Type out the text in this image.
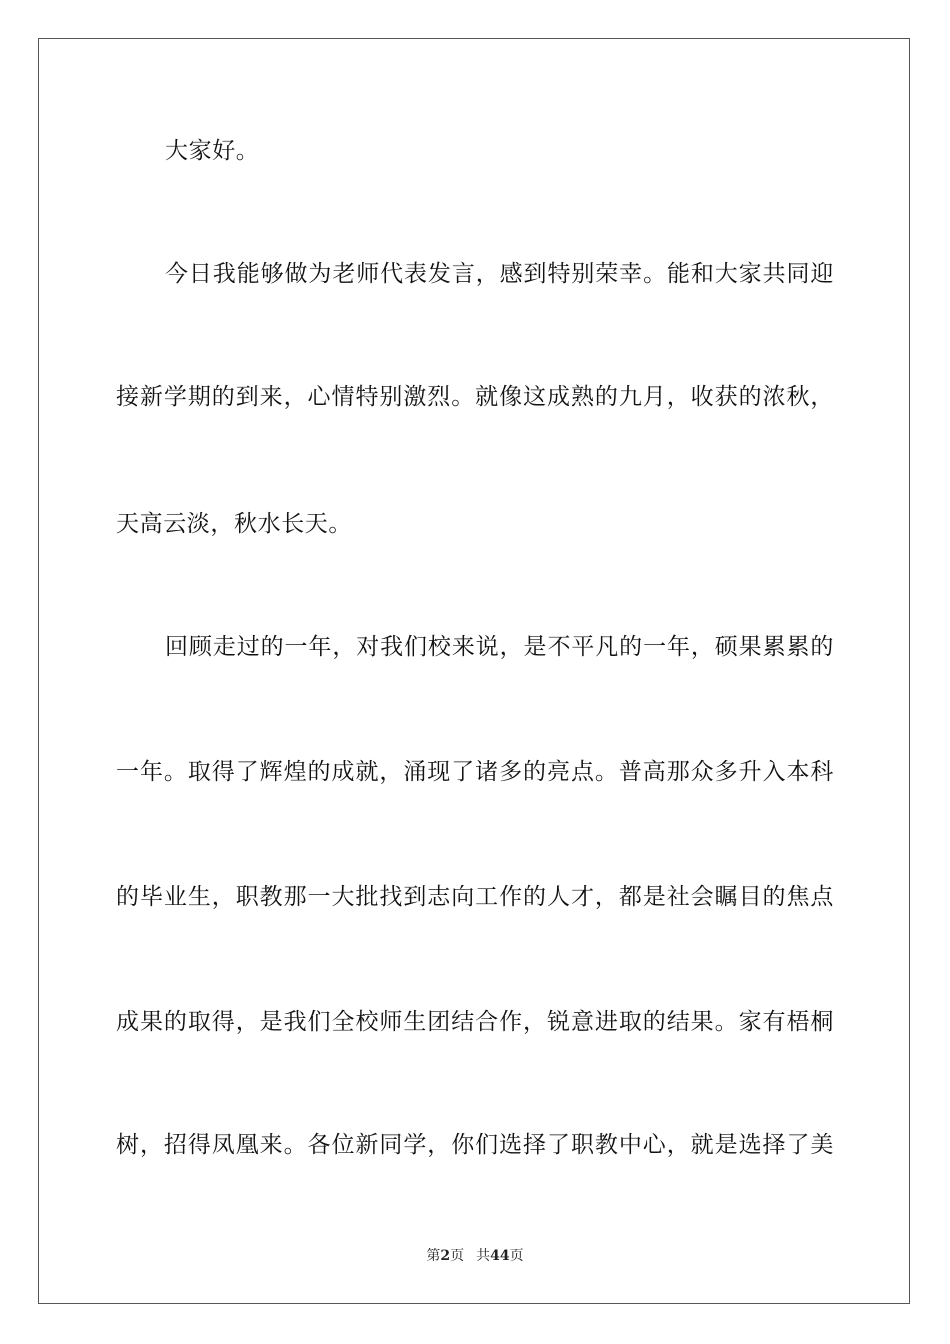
大家好。
今日我能够做为老师代表发言，感到特别荣幸。能和大家共同迎
接新学期的到来，心情特别激烈。就像这成熟的九月，收获的浓秋，
天高云淡，秋水长天。
回顾走过的一年，对我们校来说，是不平凡的一年，硕果累累的
一年。取得了辉煌的成就，涌现了诸多的亮点。普高那众多升入本科
的毕业生，职教那一大批找到志向工作的人才，都是社会瞩目的焦点
成果的取得，是我们全校师生团结合作，锐意进取的结果。家有梧桐
树，招得凤凰来。各位新同学，你们选择了职教中心，就是选择了美
第2页 共44页
